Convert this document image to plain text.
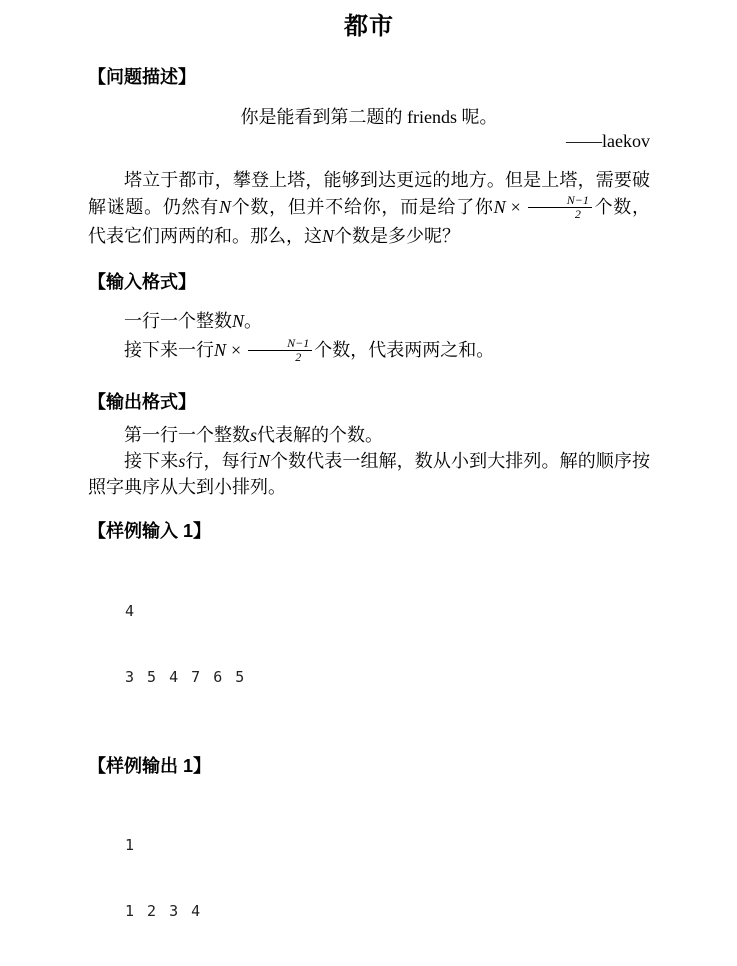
都市
【问题描述】

你是能看到第二题的 friends 呢。

——laekov

塔立于都市，攀登上塔，能够到达更远的地方。但是上塔，需要破解谜题。仍然有N个数，但并不给你，而是给了你$N \times \frac{N-1}{2}$ 个数，代表它们两两的和。那么，这N个数是多少呢？

【输入格式】

一行一个整数N。

接下来一行$N \times \frac{N-1}{2}$ 个数，代表两两之和。

【输出格式】

第一行一个整数s代表解的个数。

接下来s行，每行N个数代表一组解，数从小到大排列。解的顺序按照字典序从大到小排列。

【样例输入 1】

4

3 5 4 7 6 5

【样例输出 1】

1

1 2 3 4
